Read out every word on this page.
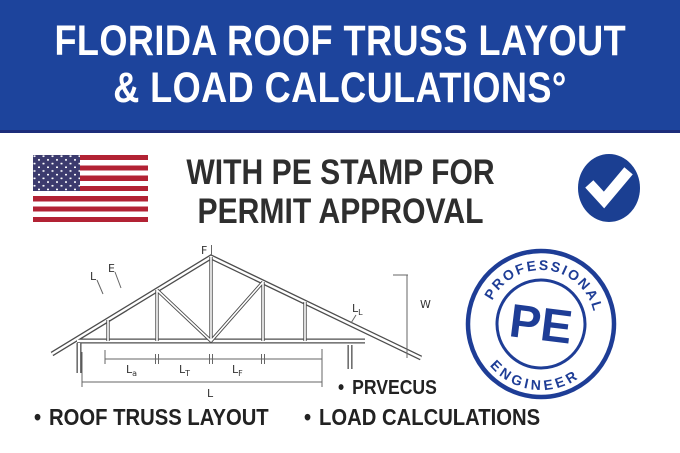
FLORIDA ROOF TRUSS LAYOUT
& LOAD CALCULATIONS°
WITH PE STAMP FOR
PERMIT APPROVAL
L
E
F
W
$L_L$
$L_a$	$L_T$	$L_F$
L
PROFESSIONAL
ENGINEER
PE
• PRVECUS
• ROOF TRUSS LAYOUT • LOAD CALCULATIONS
